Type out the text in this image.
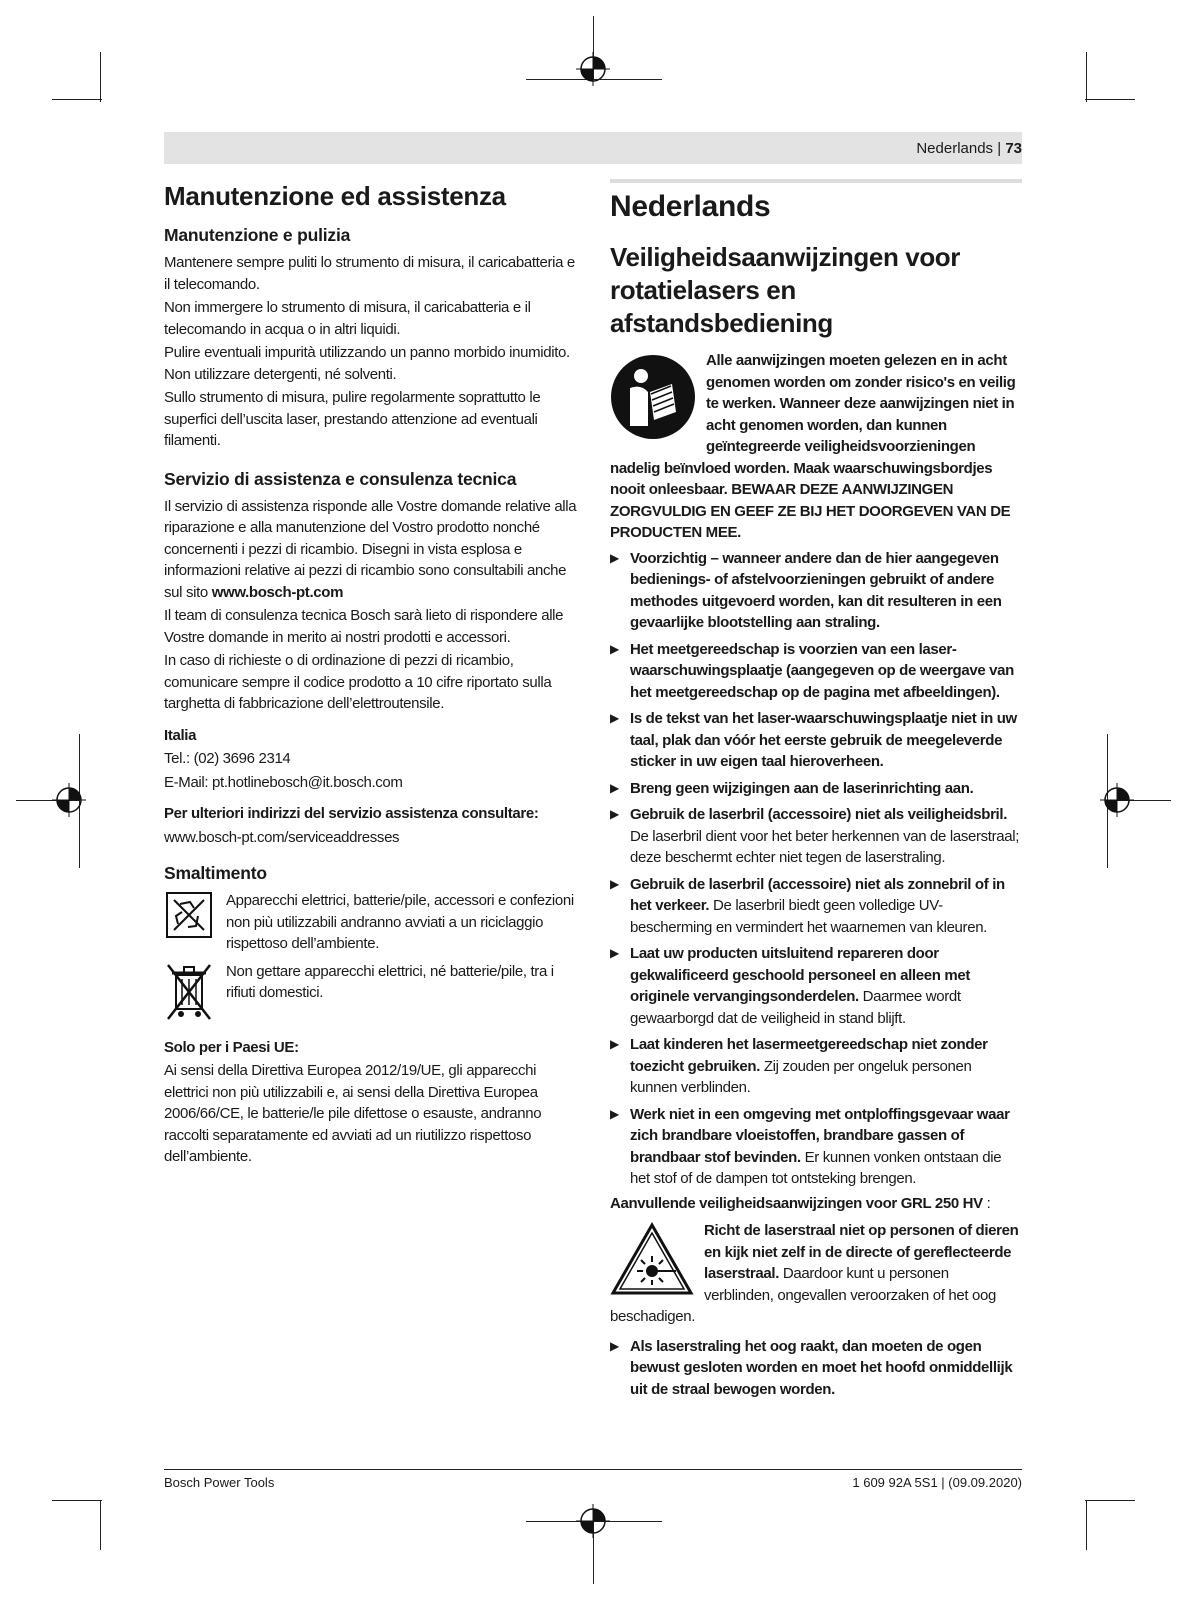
Nederlands | 73
Manutenzione ed assistenza
Manutenzione e pulizia

Mantenere sempre puliti lo strumento di misura, il caricabatteria e il telecomando.

Non immergere lo strumento di misura, il caricabatteria e il telecomando in acqua o in altri liquidi.

Pulire eventuali impurità utilizzando un panno morbido inumidito. Non utilizzare detergenti, né solventi.

Sullo strumento di misura, pulire regolarmente soprattutto le superfici dell’uscita laser, prestando attenzione ad eventuali filamenti.

Servizio di assistenza e consulenza tecnica

Il servizio di assistenza risponde alle Vostre domande relative alla riparazione e alla manutenzione del Vostro prodotto nonché concernenti i pezzi di ricambio. Disegni in vista esplosa e informazioni relative ai pezzi di ricambio sono consultabili anche sul sito www.bosch-pt.com

Il team di consulenza tecnica Bosch sarà lieto di rispondere alle Vostre domande in merito ai nostri prodotti e accessori.

In caso di richieste o di ordinazione di pezzi di ricambio, comunicare sempre il codice prodotto a 10 cifre riportato sulla targhetta di fabbricazione dell’elettroutensile.

Italia

Tel.: (02) 3696 2314

E-Mail: pt.hotlinebosch@it.bosch.com

Per ulteriori indirizzi del servizio assistenza consultare:

www.bosch-pt.com/serviceaddresses

Smaltimento
Apparecchi elettrici, batterie/pile, accessori e confezioni non più utilizzabili andranno avviati a un riciclaggio rispettoso dell’ambiente.
Non gettare apparecchi elettrici, né batterie/pile, tra i rifiuti domestici.

Solo per i Paesi UE:

Ai sensi della Direttiva Europea 2012/19/UE, gli apparecchi elettrici non più utilizzabili e, ai sensi della Direttiva Europea 2006/66/CE, le batterie/le pile difettose o esauste, andranno raccolti separatamente ed avviati ad un riutilizzo rispettoso dell’ambiente.

Nederlands
Veiligheidsaanwijzingen voor rotatielasers en afstandsbediening

Alle aanwijzingen moeten gelezen en in acht genomen worden om zonder risico's en veilig te werken. Wanneer deze aanwijzingen niet in acht genomen worden, dan kunnen geïntegreerde veiligheidsvoorzieningen nadelig beïnvloed worden. Maak waarschuwingsbordjes nooit onleesbaar. BEWAAR DEZE AANWIJZINGEN ZORGVULDIG EN GEEF ZE BIJ HET DOORGEVEN VAN DE PRODUCTEN MEE.

▶ Voorzichtig – wanneer andere dan de hier aangegeven bedienings- of afstelvoorzieningen gebruikt of andere methodes uitgevoerd worden, kan dit resulteren in een gevaarlijke blootstelling aan straling.
▶ Het meetgereedschap is voorzien van een laser-waarschuwingsplaatje (aangegeven op de weergave van het meetgereedschap op de pagina met afbeeldingen).
▶ Is de tekst van het laser-waarschuwingsplaatje niet in uw taal, plak dan vóór het eerste gebruik de meegeleverde sticker in uw eigen taal hieroverheen.
▶ Breng geen wijzigingen aan de laserinrichting aan.
▶ Gebruik de laserbril (accessoire) niet als veiligheidsbril. De laserbril dient voor het beter herkennen van de laserstraal; deze beschermt echter niet tegen de laserstraling.
▶ Gebruik de laserbril (accessoire) niet als zonnebril of in het verkeer. De laserbril biedt geen volledige UV-bescherming en vermindert het waarnemen van kleuren.
▶ Laat uw producten uitsluitend repareren door gekwalificeerd geschoold personeel en alleen met originele vervangingsonderdelen. Daarmee wordt gewaarborgd dat de veiligheid in stand blijft.
▶ Laat kinderen het lasermeetgereedschap niet zonder toezicht gebruiken. Zij zouden per ongeluk personen kunnen verblinden.
▶ Werk niet in een omgeving met ontploffingsgevaar waar zich brandbare vloeistoffen, brandbare gassen of brandbaar stof bevinden. Er kunnen vonken ontstaan die het stof of de dampen tot ontsteking brengen.

Aanvullende veiligheidsaanwijzingen voor GRL 250 HV :

Richt de laserstraal niet op personen of dieren en kijk niet zelf in de directe of gereflecteerde laserstraal. Daardoor kunt u personen verblinden, ongevallen veroorzaken of het oog beschadigen.

▶ Als laserstraling het oog raakt, dan moeten de ogen bewust gesloten worden en moet het hoofd onmiddellijk uit de straal bewogen worden.
Bosch Power Tools	1 609 92A 5S1 | (09.09.2020)
